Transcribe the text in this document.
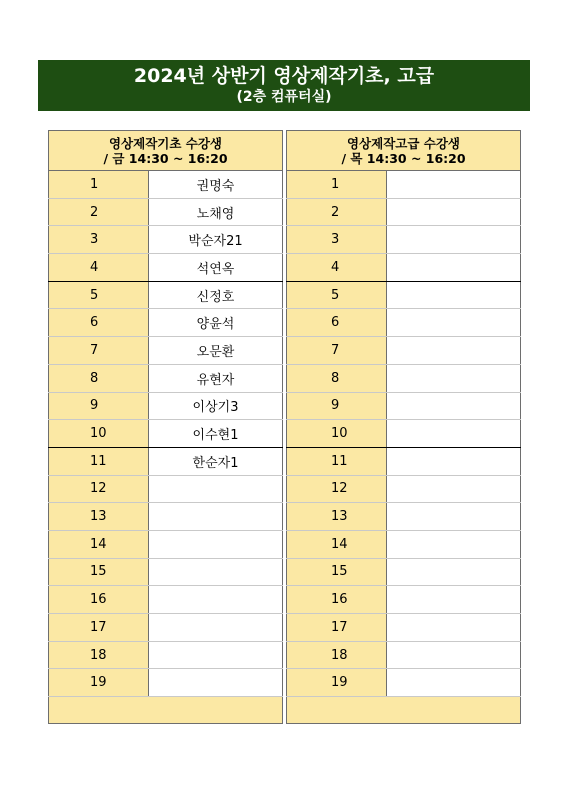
2024년 상반기 영상제작기초, 고급
(2층 컴퓨터실)
영상제작기초 수강생
/ 금 14:30 ~ 16:20	

1	권명숙
2	노채영
3	박순자21
4	석연옥
5	신정호
6	양윤석
7	오문환
8	유현자
9	이상기3
10	이수현1
11	한순자1
12	
13	
14	
15	
16	
17	
18	
19	

영상제작고급 수강생
/ 목 14:30 ~ 16:20	

1	
2	
3	
4	
5	
6	
7	
8	
9	
10	
11	
12	
13	
14	
15	
16	
17	
18	
19	
